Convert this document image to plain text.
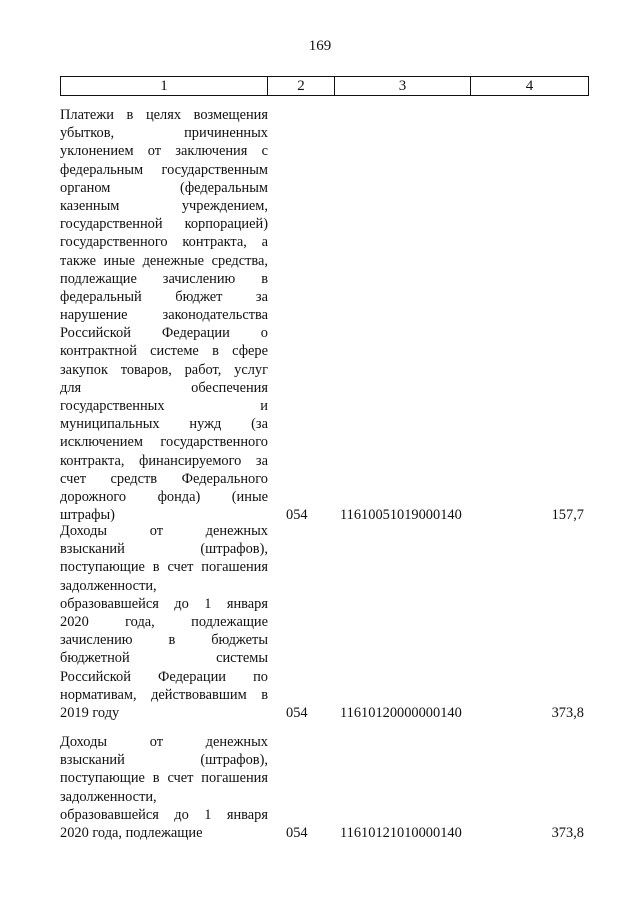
169
1	2	3	4
Платежи в целях возмещения
убытков, причиненных
уклонением от заключения с
федеральным государственным
органом (федеральным
казенным учреждением,
государственной корпорацией)
государственного контракта, а
также иные денежные средства,
подлежащие зачислению в
федеральный бюджет за
нарушение законодательства
Российской Федерации о
контрактной системе в сфере
закупок товаров, работ, услуг
для обеспечения
государственных и
муниципальных нужд (за
исключением государственного
контракта, финансируемого за
счет средств Федерального
дорожного фонда) (иные
штрафы)	054 11610051019000140	157,7
Доходы от денежных
взысканий (штрафов),
поступающие в счет погашения
задолженности,
образовавшейся до 1 января
2020 года, подлежащие
зачислению в бюджеты
бюджетной системы
Российской Федерации по
нормативам, действовавшим в
2019 году	054 11610120000000140	373,8
Доходы от денежных
взысканий (штрафов),
поступающие в счет погашения
задолженности,
образовавшейся до 1 января
2020 года, подлежащие	054 11610121010000140	373,8
